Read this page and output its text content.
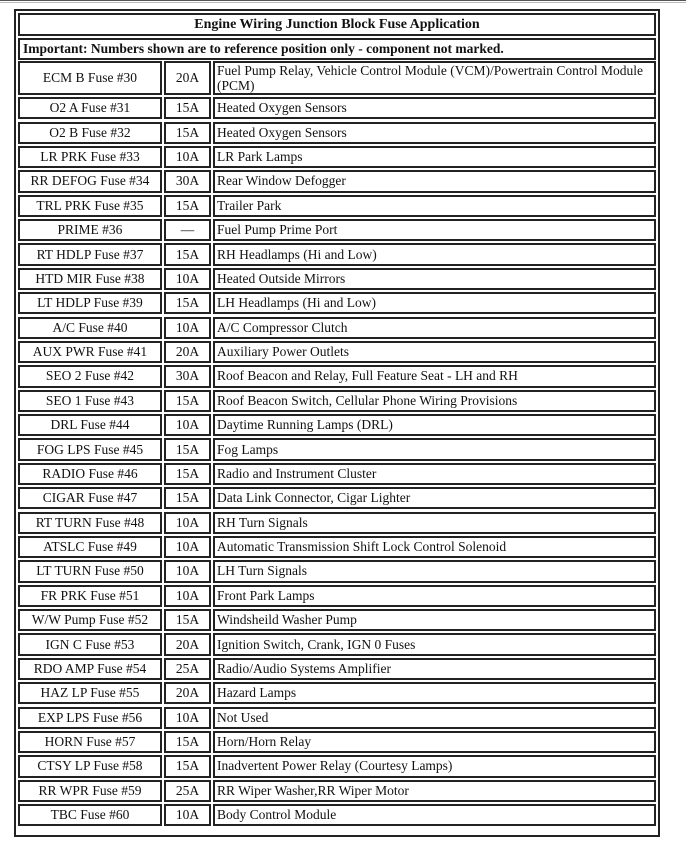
Engine Wiring Junction Block Fuse Application
Important: Numbers shown are to reference position only - component not marked.
ECM B Fuse #30	20A	Fuel Pump Relay, Vehicle Control Module (VCM)/Powertrain Control Module (PCM)
O2 A Fuse #31	15A	Heated Oxygen Sensors
O2 B Fuse #32	15A	Heated Oxygen Sensors
LR PRK Fuse #33	10A	LR Park Lamps
RR DEFOG Fuse #34	30A	Rear Window Defogger
TRL PRK Fuse #35	15A	Trailer Park
PRIME #36	—	Fuel Pump Prime Port
RT HDLP Fuse #37	15A	RH Headlamps (Hi and Low)
HTD MIR Fuse #38	10A	Heated Outside Mirrors
LT HDLP Fuse #39	15A	LH Headlamps (Hi and Low)
A/C Fuse #40	10A	A/C Compressor Clutch
AUX PWR Fuse #41	20A	Auxiliary Power Outlets
SEO 2 Fuse #42	30A	Roof Beacon and Relay, Full Feature Seat - LH and RH
SEO 1 Fuse #43	15A	Roof Beacon Switch, Cellular Phone Wiring Provisions
DRL Fuse #44	10A	Daytime Running Lamps (DRL)
FOG LPS Fuse #45	15A	Fog Lamps
RADIO Fuse #46	15A	Radio and Instrument Cluster
CIGAR Fuse #47	15A	Data Link Connector, Cigar Lighter
RT TURN Fuse #48	10A	RH Turn Signals
ATSLC Fuse #49	10A	Automatic Transmission Shift Lock Control Solenoid
LT TURN Fuse #50	10A	LH Turn Signals
FR PRK Fuse #51	10A	Front Park Lamps
W/W Pump Fuse #52	15A	Windsheild Washer Pump
IGN C Fuse #53	20A	Ignition Switch, Crank, IGN 0 Fuses
RDO AMP Fuse #54	25A	Radio/Audio Systems Amplifier
HAZ LP Fuse #55	20A	Hazard Lamps
EXP LPS Fuse #56	10A	Not Used
HORN Fuse #57	15A	Horn/Horn Relay
CTSY LP Fuse #58	15A	Inadvertent Power Relay (Courtesy Lamps)
RR WPR Fuse #59	25A	RR Wiper Washer,RR Wiper Motor
TBC Fuse #60	10A	Body Control Module
